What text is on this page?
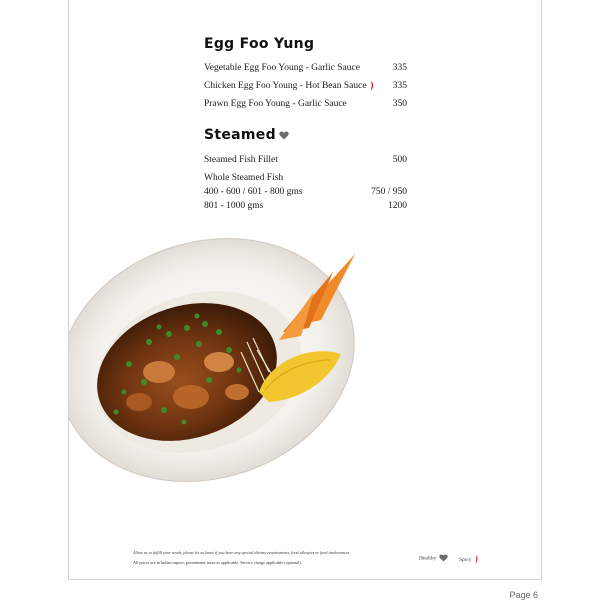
Egg Foo Yung
Vegetable Egg Foo Young - Garlic Sauce	335
Chicken Egg Foo Young - Hot Bean Sauce	335
Prawn Egg Foo Young - Garlic Sauce	350
Steamed
Steamed Fish Fillet	500
Whole Steamed Fish
400 - 600 / 601 - 800 gms	750 / 950
801 - 1000 gms	1200
Allow us to fulfill your needs, please let us know if you have any special dietary requirements, food allergies or food intolerances.
All prices are in Indian rupees, government taxes as applicable. Service charge applicable (optional).
Healthy	Spicy
Page 6
